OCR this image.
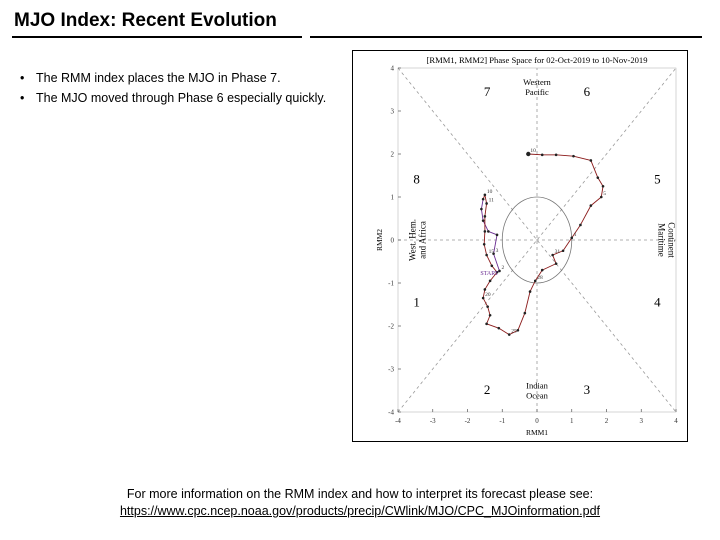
MJO Index: Recent Evolution
• The RMM index places the MJO in Phase 7.
• The MJO moved through Phase 6 especially quickly.
-4	-3	-2	-1	0	1	2	3	4
-4
-3
-2
-1
0
1
2
3
4
RMM1
RMM2
[RMM1, RMM2] Phase Space for 02-Oct-2019 to 10-Nov-2019
1
2	3
4
5
6
7
8
Western
Pacific
Indian
Ocean
West. Hem. and Africa	Maritime Continent
2
3
10
11
15
20
25
28
31
1
5
10
START
For more information on the RMM index and how to interpret its forecast please see:
https://www.cpc.ncep.noaa.gov/products/precip/CWlink/MJO/CPC_MJOinformation.pdf
